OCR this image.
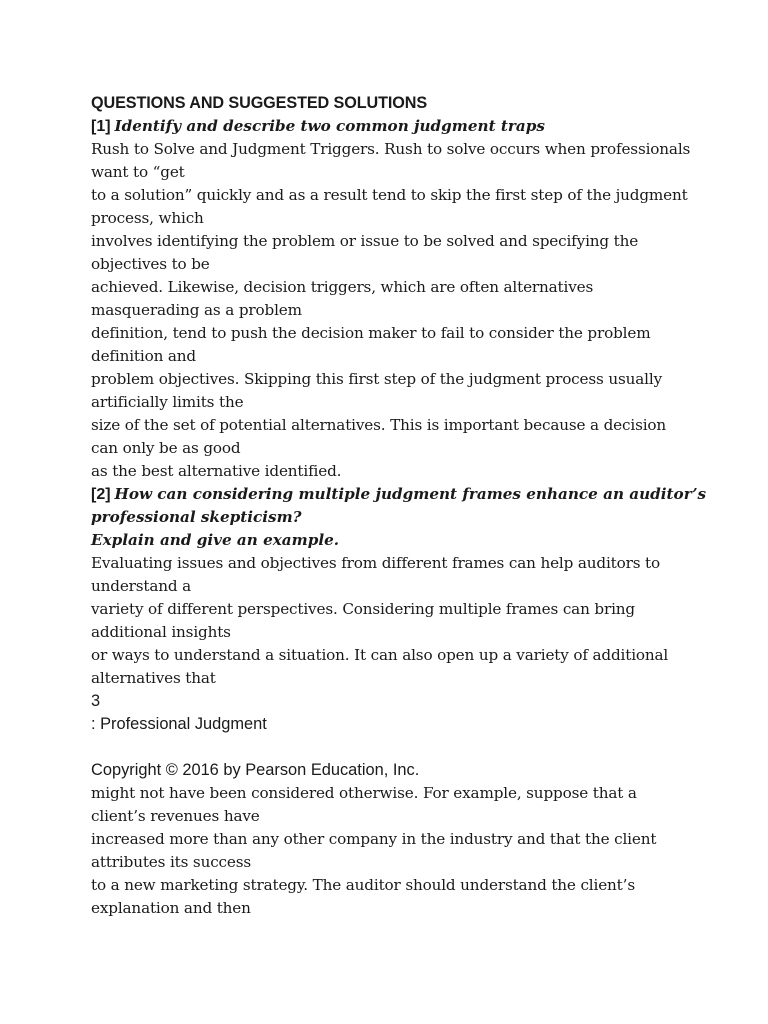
QUESTIONS AND SUGGESTED SOLUTIONS
[1] Identify and describe two common judgment traps
Rush to Solve and Judgment Triggers. Rush to solve occurs when professionals
want to “get
to a solution” quickly and as a result tend to skip the first step of the judgment
process, which
involves identifying the problem or issue to be solved and specifying the
objectives to be
achieved. Likewise, decision triggers, which are often alternatives
masquerading as a problem
definition, tend to push the decision maker to fail to consider the problem
definition and
problem objectives. Skipping this first step of the judgment process usually
artificially limits the
size of the set of potential alternatives. This is important because a decision
can only be as good
as the best alternative identified.
[2] How can considering multiple judgment frames enhance an auditor’s
professional skepticism?
Explain and give an example.
Evaluating issues and objectives from different frames can help auditors to
understand a
variety of different perspectives. Considering multiple frames can bring
additional insights
or ways to understand a situation. It can also open up a variety of additional
alternatives that
3
: Professional Judgment
Copyright © 2016 by Pearson Education, Inc.
might not have been considered otherwise. For example, suppose that a
client’s revenues have
increased more than any other company in the industry and that the client
attributes its success
to a new marketing strategy. The auditor should understand the client’s
explanation and then
